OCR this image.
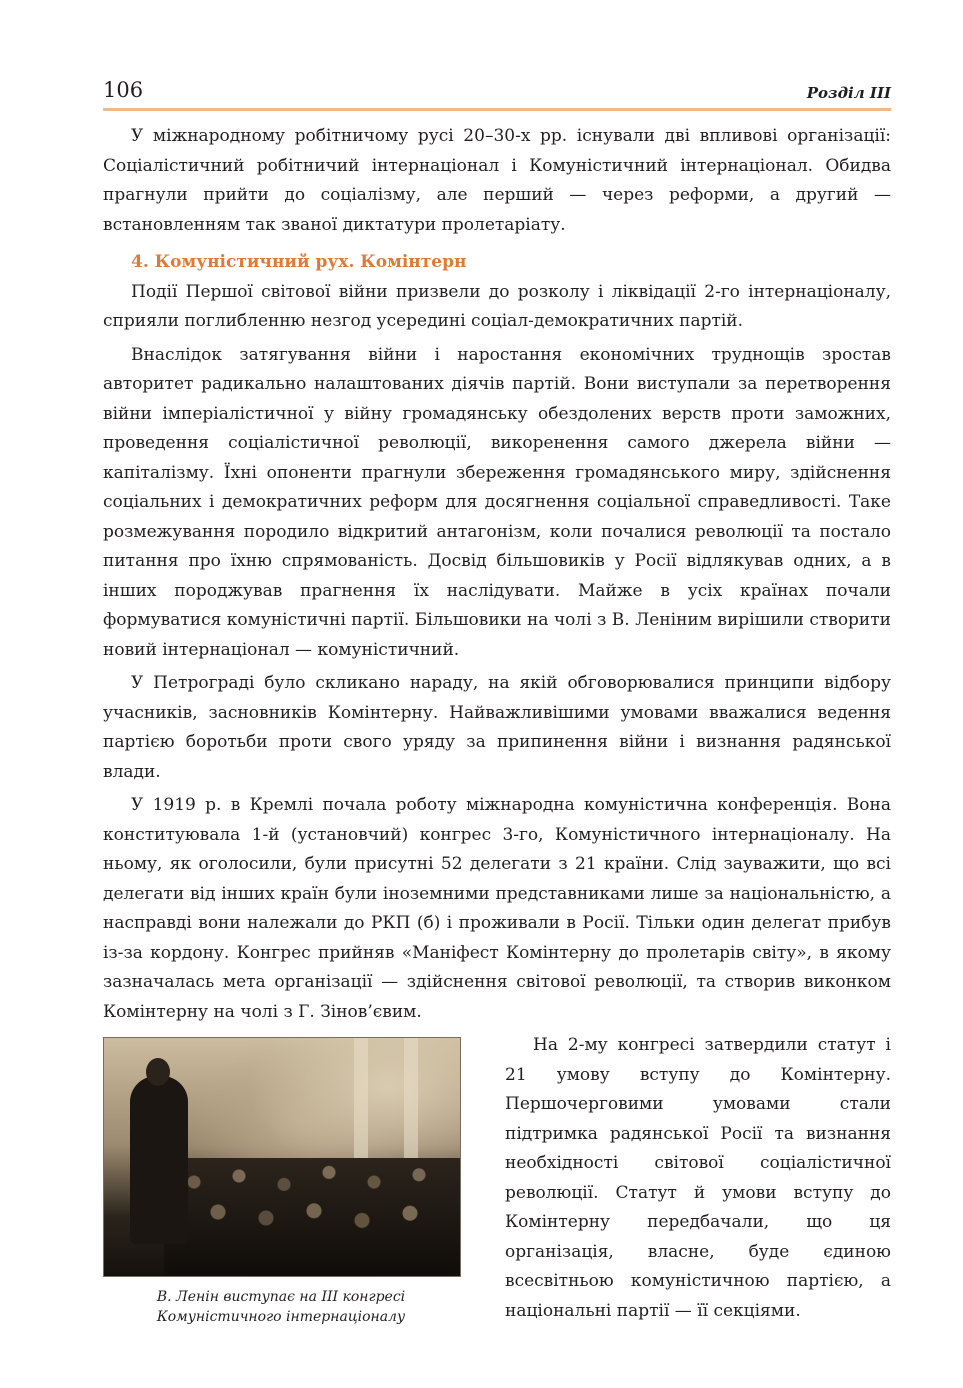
106	Розділ III

У міжнародному робітничому русі 20–30-х рр. існували дві впливові організації: Соціалістичний робітничий інтернаціонал і Комуністичний інтернаціонал. Обидва прагнули прийти до соціалізму, але перший — через реформи, а другий — встановленням так званої диктатури пролетаріату.

4. Комуністичний рух. Комінтерн

Події Першої світової війни призвели до розколу і ліквідації 2-го інтернаціоналу, сприяли поглибленню незгод усередині соціал-демократичних партій.

Внаслідок затягування війни і наростання економічних труднощів зростав авторитет радикально налаштованих діячів партій. Вони виступали за перетворення війни імперіалістичної у війну громадянську обездолених верств проти заможних, проведення соціалістичної революції, викоренення самого джерела війни — капіталізму. Їхні опоненти прагнули збереження громадянського миру, здійснення соціальних і демократичних реформ для досягнення соціальної справедливості. Таке розмежування породило відкритий антагонізм, коли почалися революції та постало питання про їхню спрямованість. Досвід більшовиків у Росії відлякував одних, а в інших породжував прагнення їх наслідувати. Майже в усіх країнах почали формуватися комуністичні партії. Більшовики на чолі з В. Леніним вирішили створити новий інтернаціонал — комуністичний.

У Петрограді було скликано нараду, на якій обговорювалися принципи відбору учасників, засновників Комінтерну. Найважливішими умовами вважалися ведення партією боротьби проти свого уряду за припинення війни і визнання радянської влади.

У 1919 р. в Кремлі почала роботу міжнародна комуністична конференція. Вона конституювала 1-й (установчий) конгрес 3-го, Комуністичного інтернаціоналу. На ньому, як оголосили, були присутні 52 делегати з 21 країни. Слід зауважити, що всі делегати від інших країн були іноземними представниками лише за національністю, а насправді вони належали до РКП (б) і проживали в Росії. Тільки один делегат прибув із-за кордону. Конгрес прийняв «Маніфест Комінтерну до пролетарів світу», в якому зазначалась мета організації — здійснення світової революції, та створив виконком Комінтерну на чолі з Г. Зінов’євим.

В. Ленін виступає на ІІІ конгресі Комуністичного інтернаціоналу

На 2-му конгресі затвердили статут і 21 умову вступу до Комінтерну. Першочерговими умовами стали підтримка радянської Росії та визнання необхідності світової соціалістичної революції. Статут й умови вступу до Комінтерну передбачали, що ця організація, власне, буде єдиною всесвітньою комуністичною партією, а національні партії — її секціями.
